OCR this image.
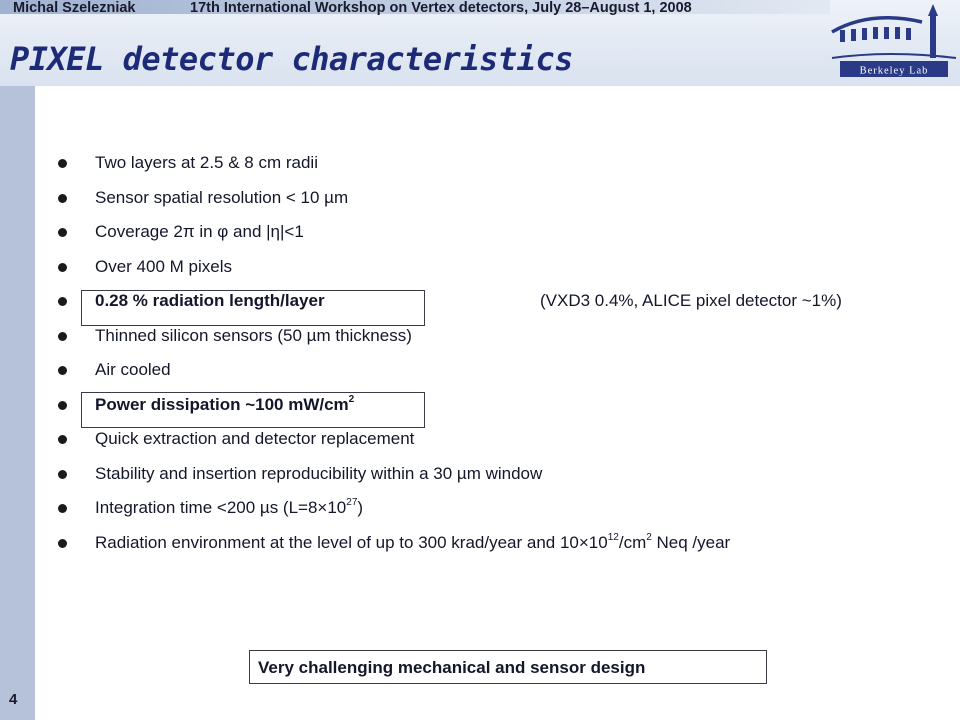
Michal Szelezniak	17th International Workshop on Vertex detectors, July 28–August 1, 2008
PIXEL detector characteristics	Berkeley Lab
4
Two layers at 2.5 & 8 cm radii
Sensor spatial resolution < 10 µm
Coverage 2π in φ and |η|<1
Over 400 M pixels
0.28 % radiation length/layer	(VXD3 0.4%, ALICE pixel detector ~1%)
Thinned silicon sensors (50 µm thickness)
Air cooled
Power dissipation ~100 $mW/cm^2$
Quick extraction and detector replacement
Stability and insertion reproducibility within a 30 µm window
Integration time <200 µs $(L=8\times 10^{27})$
Radiation environment at the level of up to 300 krad/year and $10\times 10^{12}/cm^2$ Neq /year
Very challenging mechanical and sensor design
